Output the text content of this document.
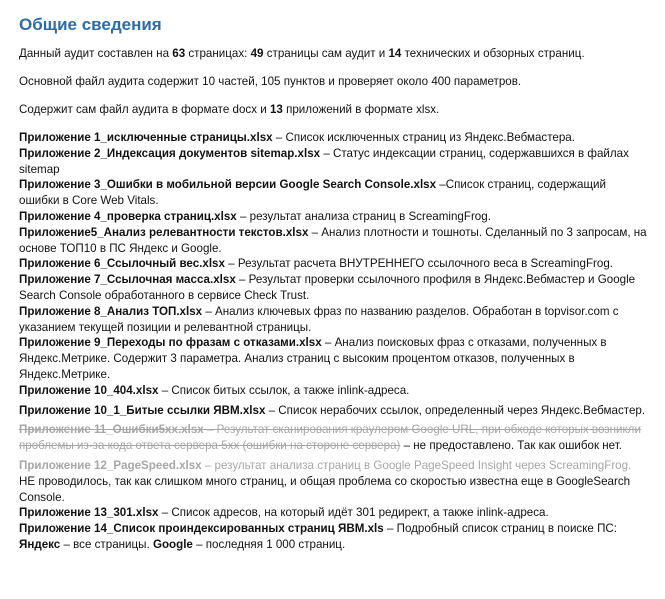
Общие сведения

Данный аудит составлен на 63 страницах: 49 страницы сам аудит и 14 технических и обзорных страниц.

Основной файл аудита содержит 10 частей, 105 пунктов и проверяет около 400 параметров.

Содержит сам файл аудита в формате docx и 13 приложений в формате xlsx.

Приложение 1_исключенные страницы.xlsx – Список исключенных страниц из Яндекс.Вебмастера.

Приложение 2_Индексация документов sitemap.xlsx – Статус индексации страниц, содержавшихся в файлах sitemap

Приложение 3_Ошибки в мобильной версии Google Search Console.xlsx –Список страниц, содержащий ошибки в Core Web Vitals.

Приложение 4_проверка страниц.xlsx – результат анализа страниц в ScreamingFrog.

Приложение5_Анализ релевантности текстов.xlsx – Анализ плотности и тошноты. Сделанный по 3 запросам, на основе ТОП10 в ПС Яндекс и Google.

Приложение 6_Ссылочный вес.xlsx – Результат расчета ВНУТРЕННЕГО ссылочного веса в ScreamingFrog.

Приложение 7_Ссылочная масса.xlsx – Результат проверки ссылочного профиля в Яндекс.Вебмастер и Google Search Console обработанного в сервисе Check Trust.

Приложение 8_Анализ ТОП.xlsx – Анализ ключевых фраз по названию разделов. Обработан в topvisor.com с указанием текущей позиции и релевантной страницы.

Приложение 9_Переходы по фразам с отказами.xlsx – Анализ поисковых фраз с отказами, полученных в Яндекс.Метрике. Содержит 3 параметра. Анализ страниц с высоким процентом отказов, полученных в Яндекс.Метрике.

Приложение 10_404.xlsx – Список битых ссылок, а также inlink-адреса.

Приложение 10_1_Битые ссылки ЯВМ.xlsx – Список нерабочих ссылок, определенный через Яндекс.Вебмастер.

Приложение 11_Ошибки5хх.xlsx – Результат сканирования краулером Google URL, при обходе которых возникли проблемы из-за кода ответа сервера 5хх (ошибки на стороне сервера) – не предоставлено. Так как ошибок нет.

Приложение 12_PageSpeed.xlsx – результат анализа страниц в Google PageSpeed Insight через ScreamingFrog.

НЕ проводилось, так как слишком много страниц, и общая проблема со скоростью известна еще в GoogleSearch Console.

Приложение 13_301.xlsx – Список адресов, на который идёт 301 редирект, а также inlink-адреса.

Приложение 14_Список проиндексированных страниц ЯВМ.xls – Подробный список страниц в поиске ПС: Яндекс – все страницы. Google – последняя 1 000 страниц.
